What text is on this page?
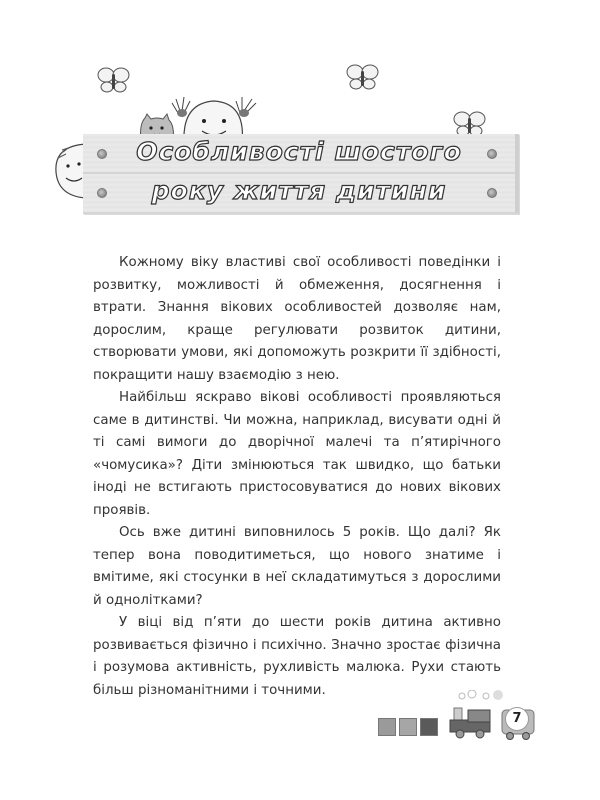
Особливості шостого
року життя дитини

Кожному віку властиві свої особливості поведінки і розвитку, можливості й обмеження, досягнення і втрати. Знання вікових особливостей дозволяє нам, дорослим, краще регулювати розвиток дитини, створювати умови, які допоможуть розкрити її здібності, покращити нашу взаємодію з нею.

Найбільш яскраво вікові особливості проявляються саме в дитинстві. Чи можна, наприклад, висувати одні й ті самі вимоги до дворічної малечі та п’ятирічного «чомусика»? Діти змінюються так швидко, що батьки іноді не встигають пристосовуватися до нових вікових проявів.

Ось вже дитині виповнилось 5 років. Що далі? Як тепер вона поводитиметься, що нового знатиме і вмітиме, які стосунки в неї складатимуться з дорослими й однолітками?

У віці від п’яти до шести років дитина активно розвивається фізично і психічно. Значно зростає фізична і розумова активність, рухливість малюка. Рухи стають більш різноманітними і точними.

7
